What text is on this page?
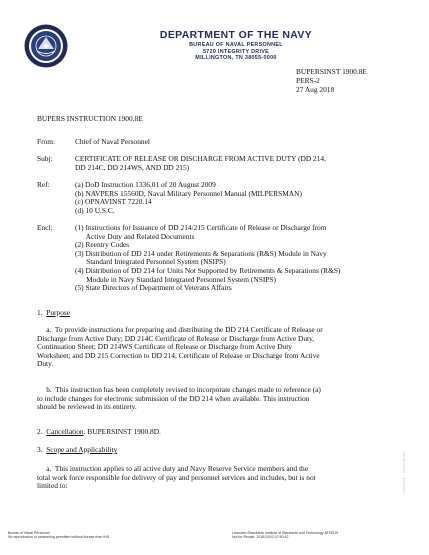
DEPARTMENT OF THE NAVY
BUREAU OF NAVAL PERSONNEL
5720 INTEGRITY DRIVE
MILLINGTON, TN 38055-0000
BUPERSINST 1900.8E
PERS-2
27 Aug 2018
BUPERS INSTRUCTION 1900.8E
From:	Chief of Naval Personnel
Subj:	CERTIFICATE OF RELEASE OR DISCHARGE FROM ACTIVE DUTY (DD 214,
DD 214C, DD 214WS, AND DD 215)
Ref:	(a) DoD Instruction 1336.01 of 20 August 2009
(b) NAVPERS 15560D, Naval Military Personnel Manual (MILPERSMAN)
(c) OPNAVINST 7220.14
(d) 10 U.S.C.
Encl:	(1) Instructions for Issuance of DD 214/215 Certificate of Release or Discharge from
Active Duty and Related Documents
(2) Reentry Codes
(3) Distribution of DD 214 under Retirements & Separations (R&S) Module in Navy
Standard Integrated Personnel System (NSIPS)
(4) Distribution of DD 214 for Units Not Supported by Retirements & Separations (R&S)
Module in Navy Standard Integrated Personnel System (NSIPS)
(5) State Directors of Department of Veterans Affairs
1. Purpose
a.  To provide instructions for preparing and distributing the DD 214 Certificate of Release or
Discharge from Active Duty; DD 214C Certificate of Release or Discharge from Active Duty,
Continuation Sheet; DD 214WS Certificate of Release or Discharge from Active Duty
Worksheet; and DD 215 Correction to DD 214, Certificate of Release or Discharge from Active
Duty.
b.  This instruction has been completely revised to incorporate changes made to reference (a)
to include changes for electronic submission of the DD 214 when available. This instruction
should be reviewed in its entirety.
2. Cancellation. BUPERSINST 1900.8D.
3. Scope and Applicability
a.  This instruction applies to all active duty and Navy Reserve Service members and the
total work force responsible for delivery of pay and personnel services and includes, but is not
limited to:	Licensed by ... for internal use
Bureau of Naval Personnel
No reproduction or networking permitted without license from IHS
Licensee=Standards Institute of Standards and Technology 4875519
Not for Resale, 2018/10/02 07:50:42
